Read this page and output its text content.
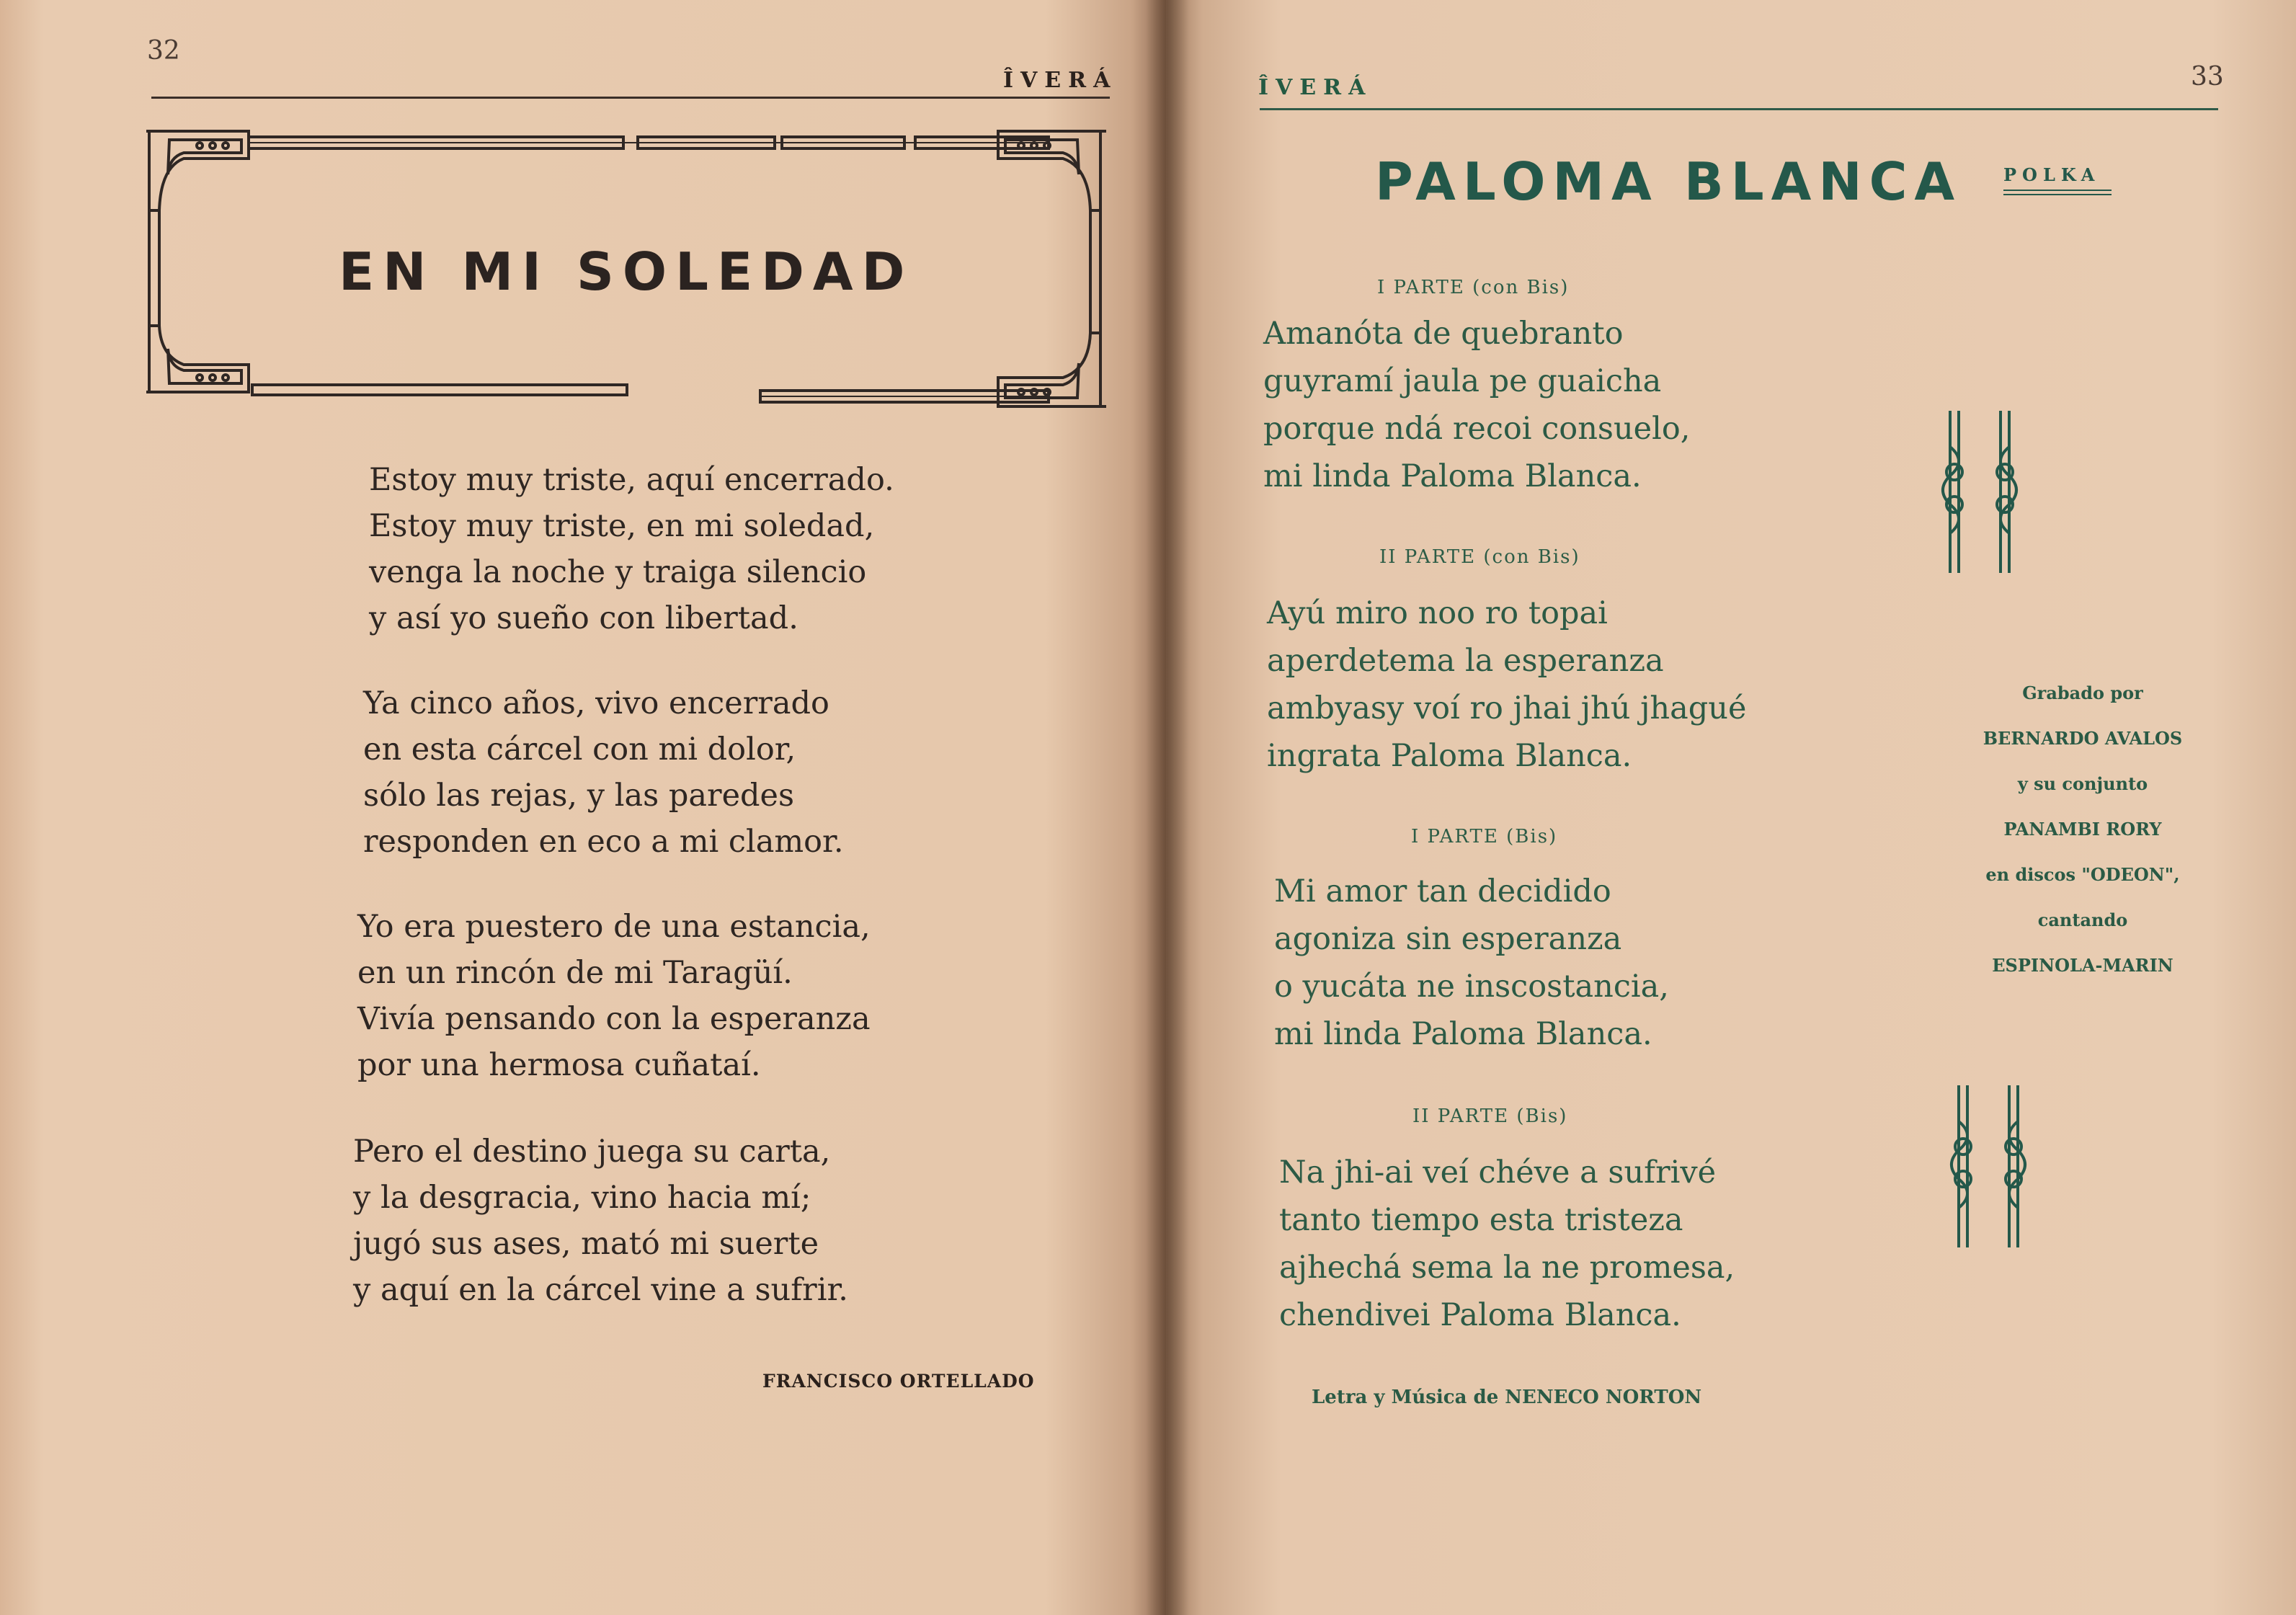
32
ÎVERÁ
EN MI SOLEDAD
Estoy muy triste, aquí encerrado.
Estoy muy triste, en mi soledad,
venga la noche y traiga silencio
y así yo sueño con libertad.
Ya cinco años, vivo encerrado
en esta cárcel con mi dolor,
sólo las rejas, y las paredes
responden en eco a mi clamor.
Yo era puestero de una estancia,
en un rincón de mi Taragüí.
Vivía pensando con la esperanza
por una hermosa cuñataí.
Pero el destino juega su carta,
y la desgracia, vino hacia mí;
jugó sus ases, mató mi suerte
y aquí en la cárcel vine a sufrir.
FRANCISCO ORTELLADO
ÎVERÁ	33
PALOMA BLANCA POLKA
I PARTE (con Bis)
Amanóta de quebranto
guyramí jaula pe guaicha
porque ndá recoi consuelo,
mi linda Paloma Blanca.
II PARTE (con Bis)
Ayú miro noo ro topai
aperdetema la esperanza
ambyasy voí ro jhai jhú jhagué
ingrata Paloma Blanca.
I PARTE (Bis)
Mi amor tan decidido
agoniza sin esperanza
o yucáta ne inscostancia,
mi linda Paloma Blanca.
II PARTE (Bis)
Na jhi-ai veí chéve a sufrivé
tanto tiempo esta tristeza
ajhechá sema la ne promesa,
chendivei Paloma Blanca.
Letra y Música de NENECO NORTON
Grabado por
BERNARDO AVALOS
y su conjunto
PANAMBI RORY
en discos "ODEON",
cantando
ESPINOLA-MARIN
